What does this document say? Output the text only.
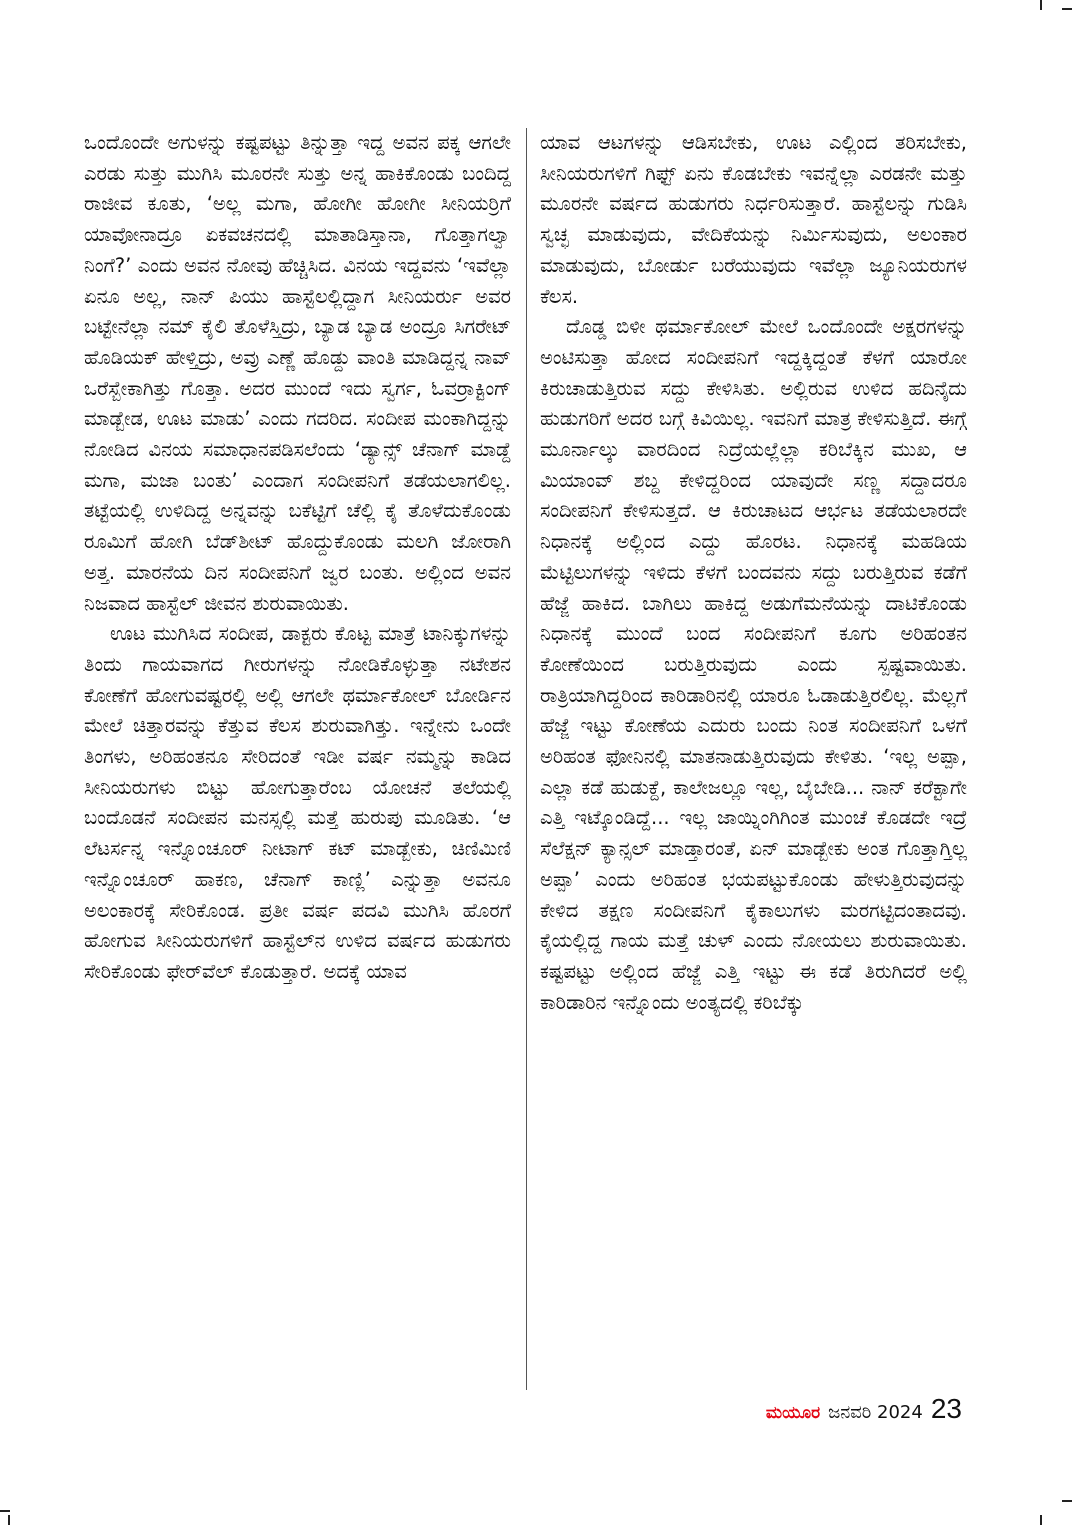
ಒಂದೊಂದೇ ಅಗುಳನ್ನು ಕಷ್ಟಪಟ್ಟು ತಿನ್ನುತ್ತಾ ಇದ್ದ ಅವನ ಪಕ್ಕ ಆಗಲೇ ಎರಡು ಸುತ್ತು ಮುಗಿಸಿ ಮೂರನೇ ಸುತ್ತು ಅನ್ನ ಹಾಕಿಕೊಂಡು ಬಂದಿದ್ದ ರಾಜೀವ ಕೂತು, ‘ಅಲ್ಲ ಮಗಾ, ಹೋಗೀ ಹೋಗೀ ಸೀನಿಯರ್ರಿಗೆ ಯಾವೋನಾದ್ರೂ ಏಕವಚನದಲ್ಲಿ ಮಾತಾಡಿಸ್ತಾನಾ, ಗೊತ್ತಾಗಲ್ವಾ ನಿಂಗೆ?’ ಎಂದು ಅವನ ನೋವು ಹೆಚ್ಚಿಸಿದ. ವಿನಯ ಇದ್ದವನು ‘ಇವೆಲ್ಲಾ ಏನೂ ಅಲ್ಲ, ನಾನ್ ಪಿಯು ಹಾಸ್ಟೆಲಲ್ಲಿದ್ದಾಗ ಸೀನಿಯರ್ರು ಅವರ ಬಟ್ಟೇನೆಲ್ಲಾ ನಮ್ ಕೈಲಿ ತೊಳೆಸ್ತಿದ್ರು, ಬ್ಯಾಡ ಬ್ಯಾಡ ಅಂದ್ರೂ ಸಿಗರೇಟ್ ಹೊಡಿಯಕ್ ಹೇಳ್ತಿದ್ರು, ಅವ್ರು ಎಣ್ಣೆ ಹೊಡ್ದು ವಾಂತಿ ಮಾಡಿದ್ದನ್ನ ನಾವ್ ಒರೆಸ್ಬೇಕಾಗಿತ್ತು ಗೊತ್ತಾ. ಅದರ ಮುಂದೆ ಇದು ಸ್ವರ್ಗ, ಓವರ್ರಾಕ್ಟಿಂಗ್ ಮಾಡ್ಬೇಡ, ಊಟ ಮಾಡು’ ಎಂದು ಗದರಿದ. ಸಂದೀಪ ಮಂಕಾಗಿದ್ದನ್ನು ನೋಡಿದ ವಿನಯ ಸಮಾಧಾನಪಡಿಸಲೆಂದು ‘ಡ್ಯಾನ್ಸ್ ಚೆನಾಗ್ ಮಾಡ್ದೆ ಮಗಾ, ಮಜಾ ಬಂತು’ ಎಂದಾಗ ಸಂದೀಪನಿಗೆ ತಡೆಯಲಾಗಲಿಲ್ಲ. ತಟ್ಟೆಯಲ್ಲಿ ಉಳಿದಿದ್ದ ಅನ್ನವನ್ನು ಬಕೆಟ್ಟಿಗೆ ಚೆಲ್ಲಿ ಕೈ ತೊಳೆದುಕೊಂಡು ರೂಮಿಗೆ ಹೋಗಿ ಬೆಡ್‌ಶೀಟ್ ಹೊದ್ದುಕೊಂಡು ಮಲಗಿ ಜೋರಾಗಿ ಅತ್ತ. ಮಾರನೆಯ ದಿನ ಸಂದೀಪನಿಗೆ ಜ್ವರ ಬಂತು. ಅಲ್ಲಿಂದ ಅವನ ನಿಜವಾದ ಹಾಸ್ಟೆಲ್ ಜೀವನ ಶುರುವಾಯಿತು.

ಊಟ ಮುಗಿಸಿದ ಸಂದೀಪ, ಡಾಕ್ಟರು ಕೊಟ್ಟ ಮಾತ್ರೆ ಟಾನಿಕ್ಕುಗಳನ್ನು ತಿಂದು ಗಾಯವಾಗದ ಗೀರುಗಳನ್ನು ನೋಡಿಕೊಳ್ಳುತ್ತಾ ನಟೇಶನ ಕೋಣೆಗೆ ಹೋಗುವಷ್ಟರಲ್ಲಿ ಅಲ್ಲಿ ಆಗಲೇ ಥರ್ಮಾಕೋಲ್ ಬೋರ್ಡಿನ ಮೇಲೆ ಚಿತ್ತಾರವನ್ನು ಕೆತ್ತುವ ಕೆಲಸ ಶುರುವಾಗಿತ್ತು. ಇನ್ನೇನು ಒಂದೇ ತಿಂಗಳು, ಅರಿಹಂತನೂ ಸೇರಿದಂತೆ ಇಡೀ ವರ್ಷ ನಮ್ಮನ್ನು ಕಾಡಿದ ಸೀನಿಯರುಗಳು ಬಿಟ್ಟು ಹೋಗುತ್ತಾರೆಂಬ ಯೋಚನೆ ತಲೆಯಲ್ಲಿ ಬಂದೊಡನೆ ಸಂದೀಪನ ಮನಸ್ಸಲ್ಲಿ ಮತ್ತೆ ಹುರುಪು ಮೂಡಿತು. ‘ಆ ಲೆಟರ್ಸನ್ನ ಇನ್ನೊಂಚೂರ್ ನೀಟಾಗ್ ಕಟ್ ಮಾಡ್ಬೇಕು, ಚಿಣಿಮಿಣಿ ಇನ್ನೊಂಚೂರ್ ಹಾಕಣ, ಚೆನಾಗ್ ಕಾಣ್ಲಿ’ ಎನ್ನುತ್ತಾ ಅವನೂ ಅಲಂಕಾರಕ್ಕೆ ಸೇರಿಕೊಂಡ. ಪ್ರತೀ ವರ್ಷ ಪದವಿ ಮುಗಿಸಿ ಹೊರಗೆ ಹೋಗುವ ಸೀನಿಯರುಗಳಿಗೆ ಹಾಸ್ಟೆಲ್‌ನ ಉಳಿದ ವರ್ಷದ ಹುಡುಗರು ಸೇರಿಕೊಂಡು ಫೇರ್‌ವೆಲ್ ಕೊಡುತ್ತಾರೆ. ಅದಕ್ಕೆ ಯಾವ

ಯಾವ ಆಟಗಳನ್ನು ಆಡಿಸಬೇಕು, ಊಟ ಎಲ್ಲಿಂದ ತರಿಸಬೇಕು, ಸೀನಿಯರುಗಳಿಗೆ ಗಿಫ್ಟ್ ಏನು ಕೊಡಬೇಕು ಇವನ್ನೆಲ್ಲಾ ಎರಡನೇ ಮತ್ತು ಮೂರನೇ ವರ್ಷದ ಹುಡುಗರು ನಿರ್ಧರಿಸುತ್ತಾರೆ. ಹಾಸ್ಟೆಲನ್ನು ಗುಡಿಸಿ ಸ್ವಚ್ಛ ಮಾಡುವುದು, ವೇದಿಕೆಯನ್ನು ನಿರ್ಮಿಸುವುದು, ಅಲಂಕಾರ ಮಾಡುವುದು, ಬೋರ್ಡು ಬರೆಯುವುದು ಇವೆಲ್ಲಾ ಜ್ಯೂನಿಯರುಗಳ ಕೆಲಸ.

ದೊಡ್ಡ ಬಿಳೀ ಥರ್ಮಾಕೋಲ್ ಮೇಲೆ ಒಂದೊಂದೇ ಅಕ್ಷರಗಳನ್ನು ಅಂಟಿಸುತ್ತಾ ಹೋದ ಸಂದೀಪನಿಗೆ ಇದ್ದಕ್ಕಿದ್ದಂತೆ ಕೆಳಗೆ ಯಾರೋ ಕಿರುಚಾಡುತ್ತಿರುವ ಸದ್ದು ಕೇಳಿಸಿತು. ಅಲ್ಲಿರುವ ಉಳಿದ ಹದಿನೈದು ಹುಡುಗರಿಗೆ ಅದರ ಬಗ್ಗೆ ಕಿವಿಯಿಲ್ಲ. ಇವನಿಗೆ ಮಾತ್ರ ಕೇಳಿಸುತ್ತಿದೆ. ಈಗ್ಗೆ ಮೂರ್ನಾಲ್ಕು ವಾರದಿಂದ ನಿದ್ರೆಯಲ್ಲೆಲ್ಲಾ ಕರಿಬೆಕ್ಕಿನ ಮುಖ, ಆ ಮಿಯಾಂವ್ ಶಬ್ದ ಕೇಳಿದ್ದರಿಂದ ಯಾವುದೇ ಸಣ್ಣ ಸದ್ದಾದರೂ ಸಂದೀಪನಿಗೆ ಕೇಳಿಸುತ್ತದೆ. ಆ ಕಿರುಚಾಟದ ಆರ್ಭಟ ತಡೆಯಲಾರದೇ ನಿಧಾನಕ್ಕೆ ಅಲ್ಲಿಂದ ಎದ್ದು ಹೊರಟ. ನಿಧಾನಕ್ಕೆ ಮಹಡಿಯ ಮೆಟ್ಟಿಲುಗಳನ್ನು ಇಳಿದು ಕೆಳಗೆ ಬಂದವನು ಸದ್ದು ಬರುತ್ತಿರುವ ಕಡೆಗೆ ಹೆಜ್ಜೆ ಹಾಕಿದ. ಬಾಗಿಲು ಹಾಕಿದ್ದ ಅಡುಗೆಮನೆಯನ್ನು ದಾಟಿಕೊಂಡು ನಿಧಾನಕ್ಕೆ ಮುಂದೆ ಬಂದ ಸಂದೀಪನಿಗೆ ಕೂಗು ಅರಿಹಂತನ ಕೋಣೆಯಿಂದ ಬರುತ್ತಿರುವುದು ಎಂದು ಸ್ಪಷ್ಟವಾಯಿತು. ರಾತ್ರಿಯಾಗಿದ್ದರಿಂದ ಕಾರಿಡಾರಿನಲ್ಲಿ ಯಾರೂ ಓಡಾಡುತ್ತಿರಲಿಲ್ಲ. ಮೆಲ್ಲಗೆ ಹೆಜ್ಜೆ ಇಟ್ಟು ಕೋಣೆಯ ಎದುರು ಬಂದು ನಿಂತ ಸಂದೀಪನಿಗೆ ಒಳಗೆ ಅರಿಹಂತ ಫೋನಿನಲ್ಲಿ ಮಾತನಾಡುತ್ತಿರುವುದು ಕೇಳಿತು. ‘ಇಲ್ಲ ಅಪ್ಪಾ, ಎಲ್ಲಾ ಕಡೆ ಹುಡುಕ್ದೆ, ಕಾಲೇಜಲ್ಲೂ ಇಲ್ಲ, ಬೈಬೇಡಿ... ನಾನ್ ಕರೆಕ್ಟಾಗೇ ಎತ್ತಿ ಇಟ್ಕೊಂಡಿದ್ದೆ... ಇಲ್ಲ ಜಾಯ್ನಿಂಗಿಗಿಂತ ಮುಂಚೆ ಕೊಡದೇ ಇದ್ರೆ ಸೆಲೆಕ್ಷನ್ ಕ್ಯಾನ್ಸಲ್ ಮಾಡ್ತಾರಂತೆ, ಏನ್ ಮಾಡ್ಬೇಕು ಅಂತ ಗೊತ್ತಾಗ್ತಿಲ್ಲ ಅಪ್ಪಾ’ ಎಂದು ಅರಿಹಂತ ಭಯಪಟ್ಟುಕೊಂಡು ಹೇಳುತ್ತಿರುವುದನ್ನು ಕೇಳಿದ ತಕ್ಷಣ ಸಂದೀಪನಿಗೆ ಕೈಕಾಲುಗಳು ಮರಗಟ್ಟಿದಂತಾದವು. ಕೈಯಲ್ಲಿದ್ದ ಗಾಯ ಮತ್ತೆ ಚುಳ್ ಎಂದು ನೋಯಲು ಶುರುವಾಯಿತು. ಕಷ್ಟಪಟ್ಟು ಅಲ್ಲಿಂದ ಹೆಜ್ಜೆ ಎತ್ತಿ ಇಟ್ಟು ಈ ಕಡೆ ತಿರುಗಿದರೆ ಅಲ್ಲಿ ಕಾರಿಡಾರಿನ ಇನ್ನೊಂದು ಅಂತ್ಯದಲ್ಲಿ ಕರಿಬೆಕ್ಕು

ಮಯೂರ ಜನವರಿ 2024 23
